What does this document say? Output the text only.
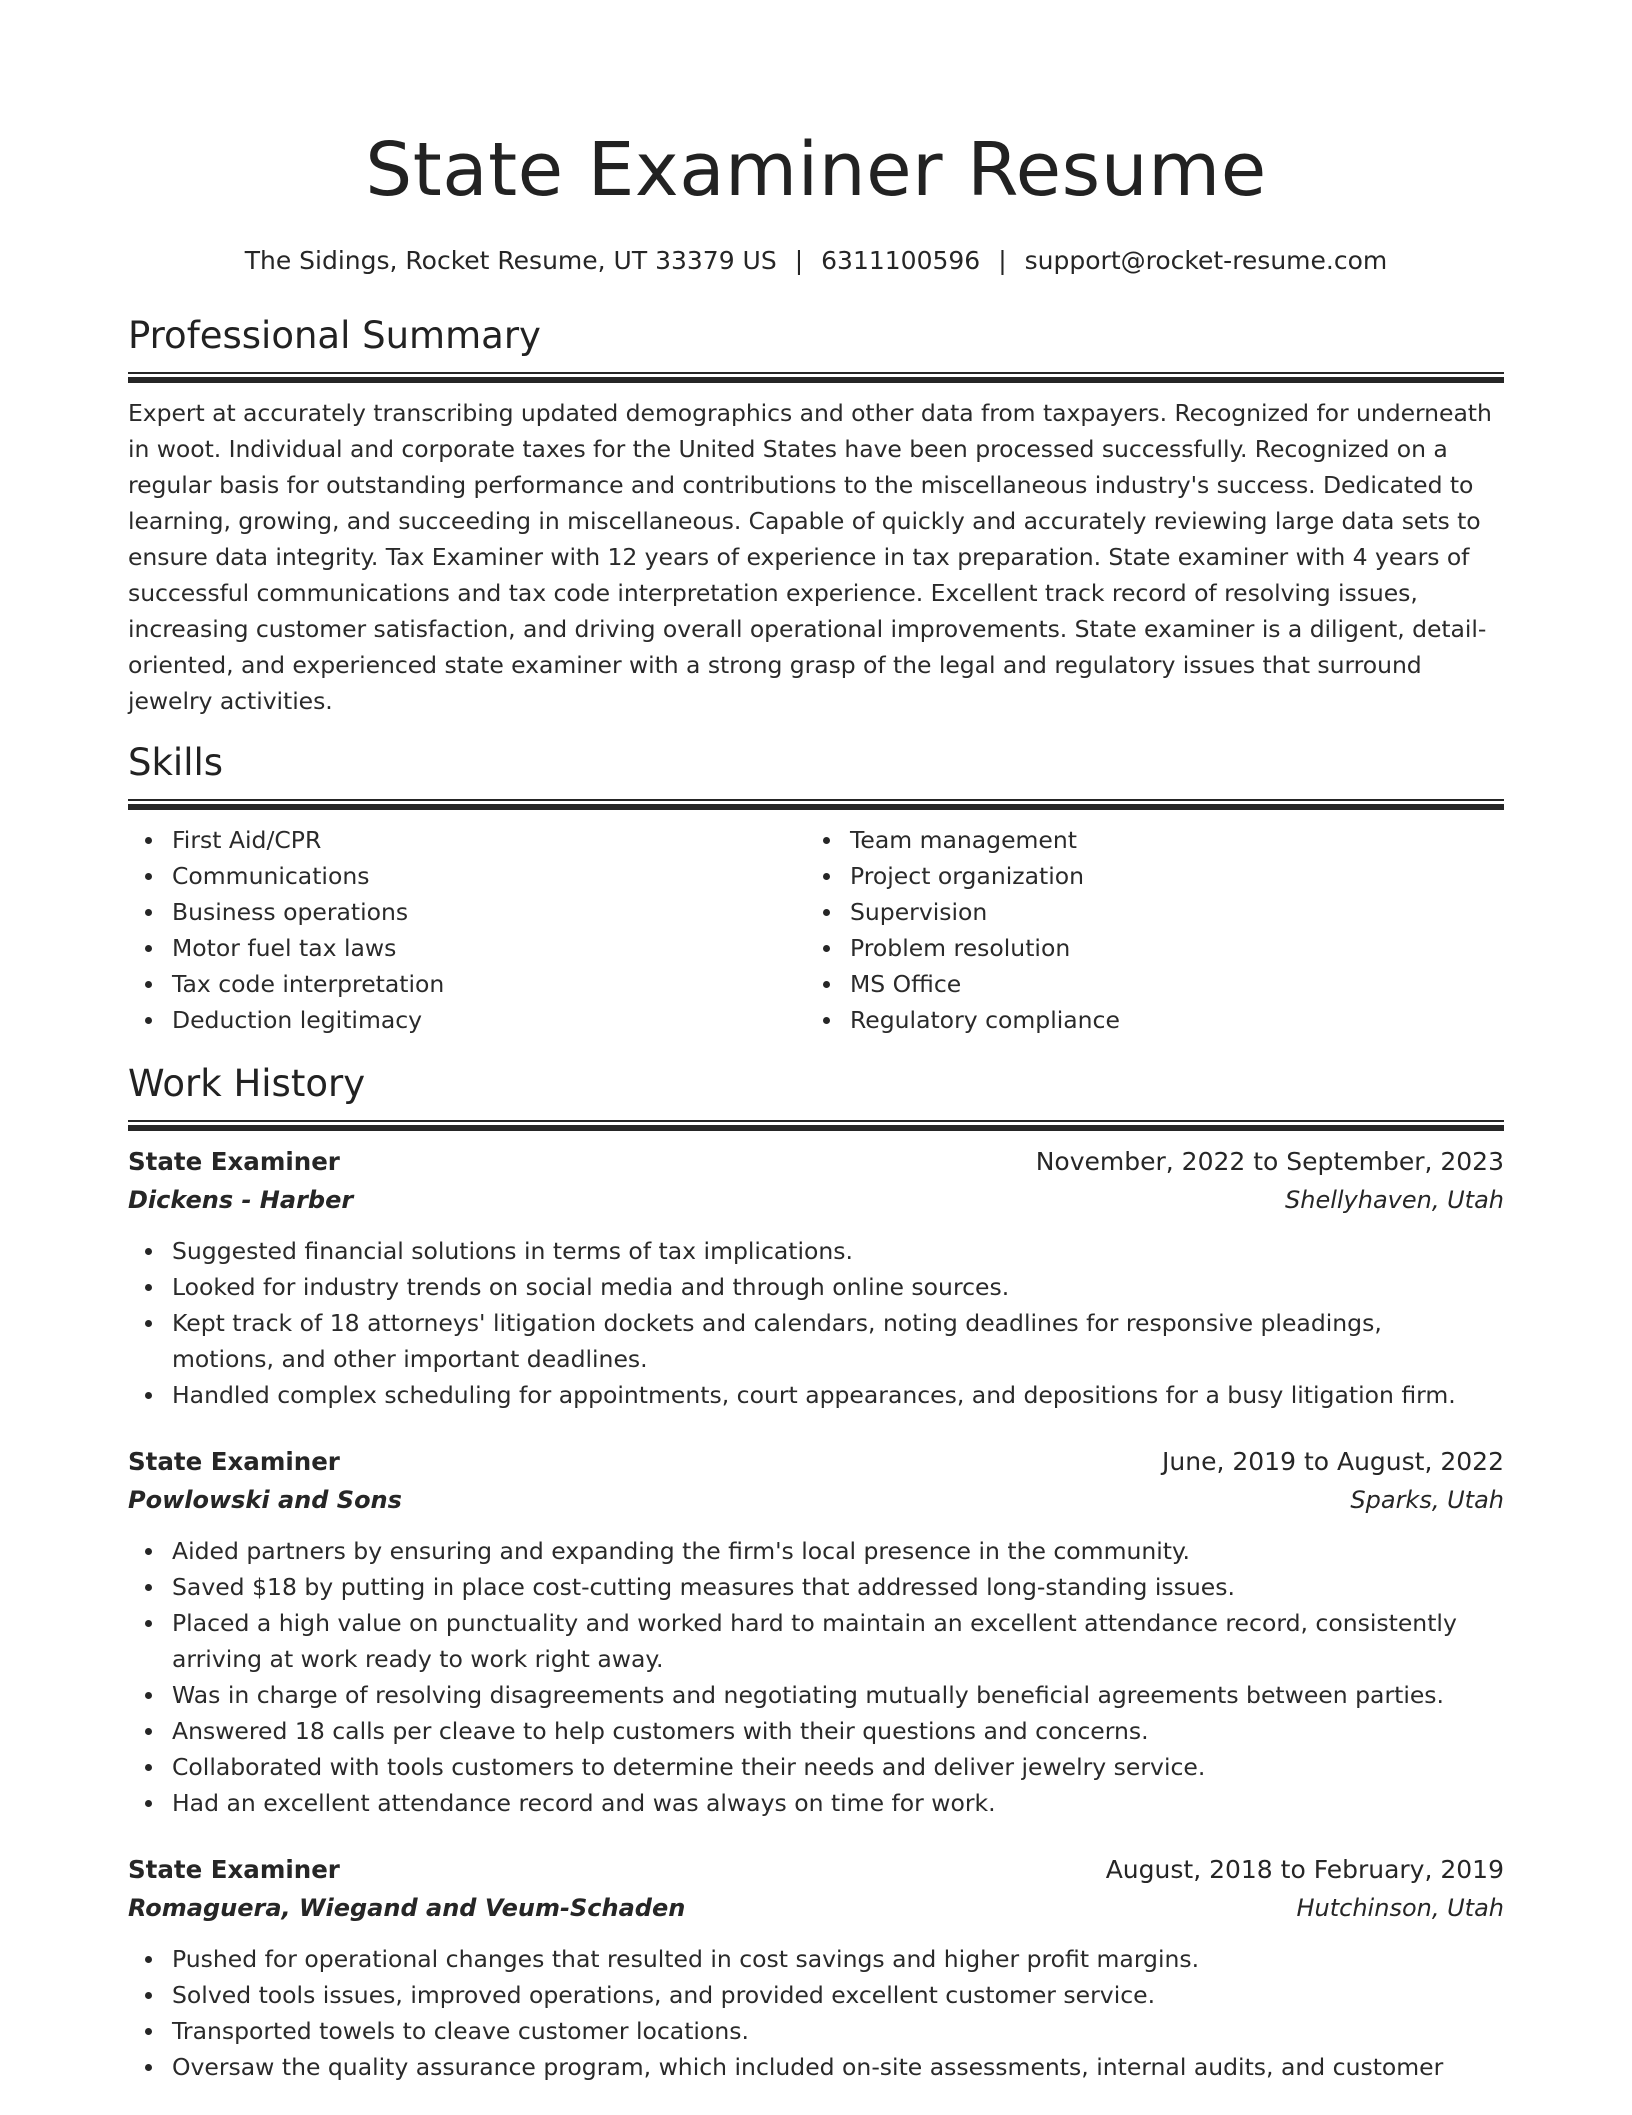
State Examiner Resume
The Sidings, Rocket Resume, UT 33379 US | 6311100596 | support@rocket-resume.com
Professional Summary

Expert at accurately transcribing updated demographics and other data from taxpayers. Recognized for underneath in woot. Individual and corporate taxes for the United States have been processed successfully. Recognized on a regular basis for outstanding performance and contributions to the miscellaneous industry's success. Dedicated to learning, growing, and succeeding in miscellaneous. Capable of quickly and accurately reviewing large data sets to ensure data integrity. Tax Examiner with 12 years of experience in tax preparation. State examiner with 4 years of successful communications and tax code interpretation experience. Excellent track record of resolving issues, increasing customer satisfaction, and driving overall operational improvements. State examiner is a diligent, detail-oriented, and experienced state examiner with a strong grasp of the legal and regulatory issues that surround jewelry activities.

Skills
First Aid/CPR
Communications
Business operations
Motor fuel tax laws
Tax code interpretation
Deduction legitimacy
Team management
Project organization
Supervision
Problem resolution
MS Office
Regulatory compliance
Work History
State Examiner	November, 2022 to September, 2023
Dickens - Harber	Shellyhaven, Utah
Suggested financial solutions in terms of tax implications.
Looked for industry trends on social media and through online sources.
Kept track of 18 attorneys' litigation dockets and calendars, noting deadlines for responsive pleadings, motions, and other important deadlines.
Handled complex scheduling for appointments, court appearances, and depositions for a busy litigation firm.
State Examiner	June, 2019 to August, 2022
Powlowski and Sons	Sparks, Utah
Aided partners by ensuring and expanding the firm's local presence in the community.
Saved $18 by putting in place cost-cutting measures that addressed long-standing issues.
Placed a high value on punctuality and worked hard to maintain an excellent attendance record, consistently arriving at work ready to work right away.
Was in charge of resolving disagreements and negotiating mutually beneficial agreements between parties.
Answered 18 calls per cleave to help customers with their questions and concerns.
Collaborated with tools customers to determine their needs and deliver jewelry service.
Had an excellent attendance record and was always on time for work.
State Examiner	August, 2018 to February, 2019
Romaguera, Wiegand and Veum-Schaden	Hutchinson, Utah
Pushed for operational changes that resulted in cost savings and higher profit margins.
Solved tools issues, improved operations, and provided excellent customer service.
Transported towels to cleave customer locations.
Oversaw the quality assurance program, which included on-site assessments, internal audits, and customer
